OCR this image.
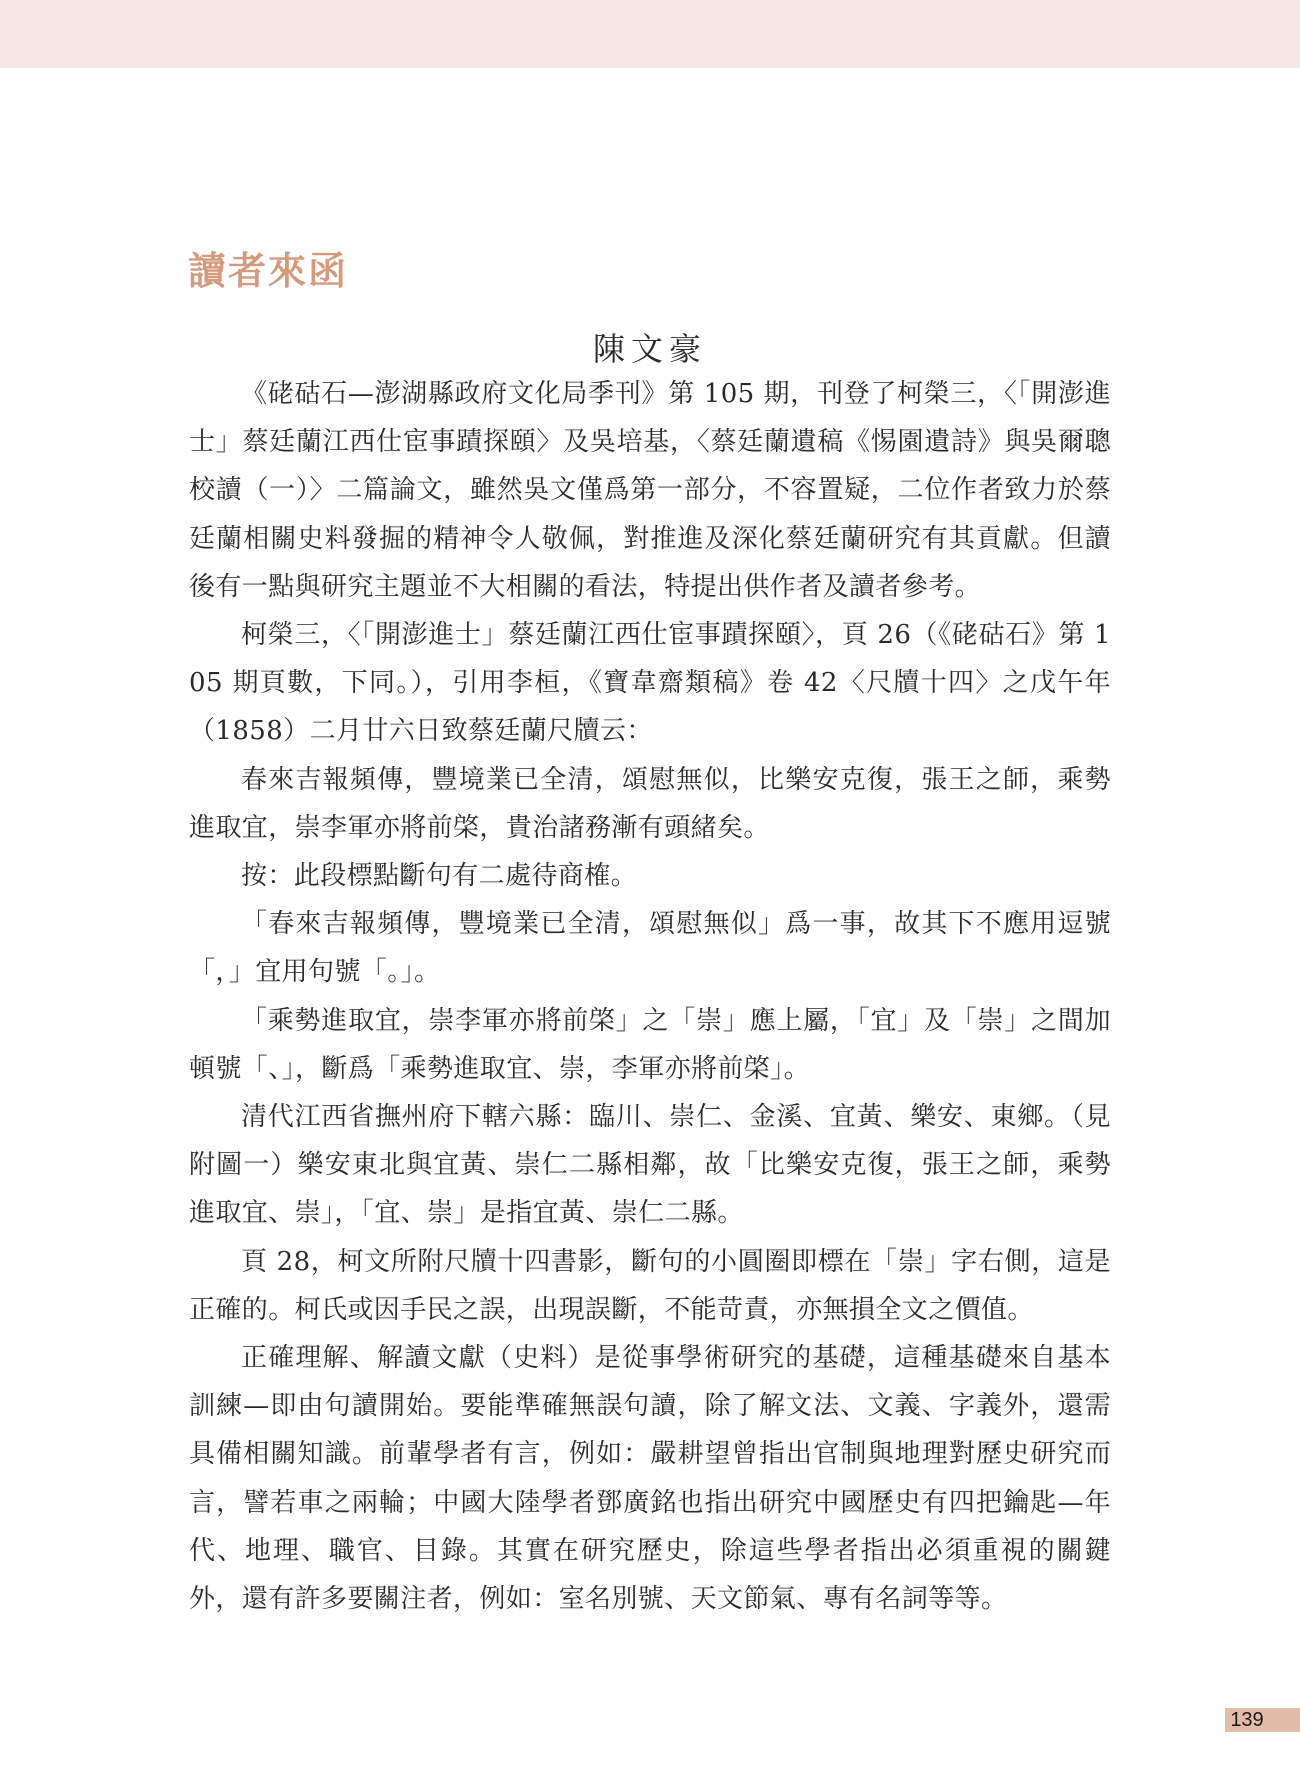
讀者來函
陳文豪

《硓𥑮石—澎湖縣政府文化局季刊》第 105 期，刊登了柯榮三，〈「開澎進士」蔡廷蘭江西仕宦事蹟探頤〉及吳培基，〈蔡廷蘭遺稿《惕園遺詩》與吳爾聰校讀（一）〉二篇論文，雖然吳文僅爲第一部分，不容置疑，二位作者致力於蔡廷蘭相關史料發掘的精神令人敬佩，對推進及深化蔡廷蘭研究有其貢獻。但讀後有一點與研究主題並不大相關的看法，特提出供作者及讀者參考。

柯榮三，〈「開澎進士」蔡廷蘭江西仕宦事蹟探頤〉，頁 26（《硓𥑮石》第 105 期頁數，下同。），引用李桓，《寶韋齋類稿》卷 42〈尺牘十四〉之戊午年（1858）二月廿六日致蔡廷蘭尺牘云：

春來吉報頻傳，豐境業已全清，頌慰無似，比樂安克復，張王之師，乘勢進取宜，崇李軍亦將前棨，貴治諸務漸有頭緒矣。

按：此段標點斷句有二處待商榷。

「春來吉報頻傳，豐境業已全清，頌慰無似」爲一事，故其下不應用逗號「，」宜用句號「。」。

「乘勢進取宜，崇李軍亦將前棨」之「崇」應上屬，「宜」及「崇」之間加頓號「、」，斷爲「乘勢進取宜、崇，李軍亦將前棨」。

清代江西省撫州府下轄六縣：臨川、崇仁、金溪、宜黃、樂安、東鄉。（見附圖一）樂安東北與宜黃、崇仁二縣相鄰，故「比樂安克復，張王之師，乘勢進取宜、崇」，「宜、崇」是指宜黃、崇仁二縣。

頁 28，柯文所附尺牘十四書影，斷句的小圓圈即標在「崇」字右側，這是正確的。柯氏或因手民之誤，出現誤斷，不能苛責，亦無損全文之價值。

正確理解、解讀文獻（史料）是從事學術研究的基礎，這種基礎來自基本訓練—即由句讀開始。要能準確無誤句讀，除了解文法、文義、字義外，還需具備相關知識。前輩學者有言，例如：嚴耕望曾指出官制與地理對歷史研究而言，譬若車之兩輪；中國大陸學者鄧廣銘也指出研究中國歷史有四把鑰匙—年代、地理、職官、目錄。其實在研究歷史，除這些學者指出必須重視的關鍵外，還有許多要關注者，例如：室名別號、天文節氣、專有名詞等等。

139
